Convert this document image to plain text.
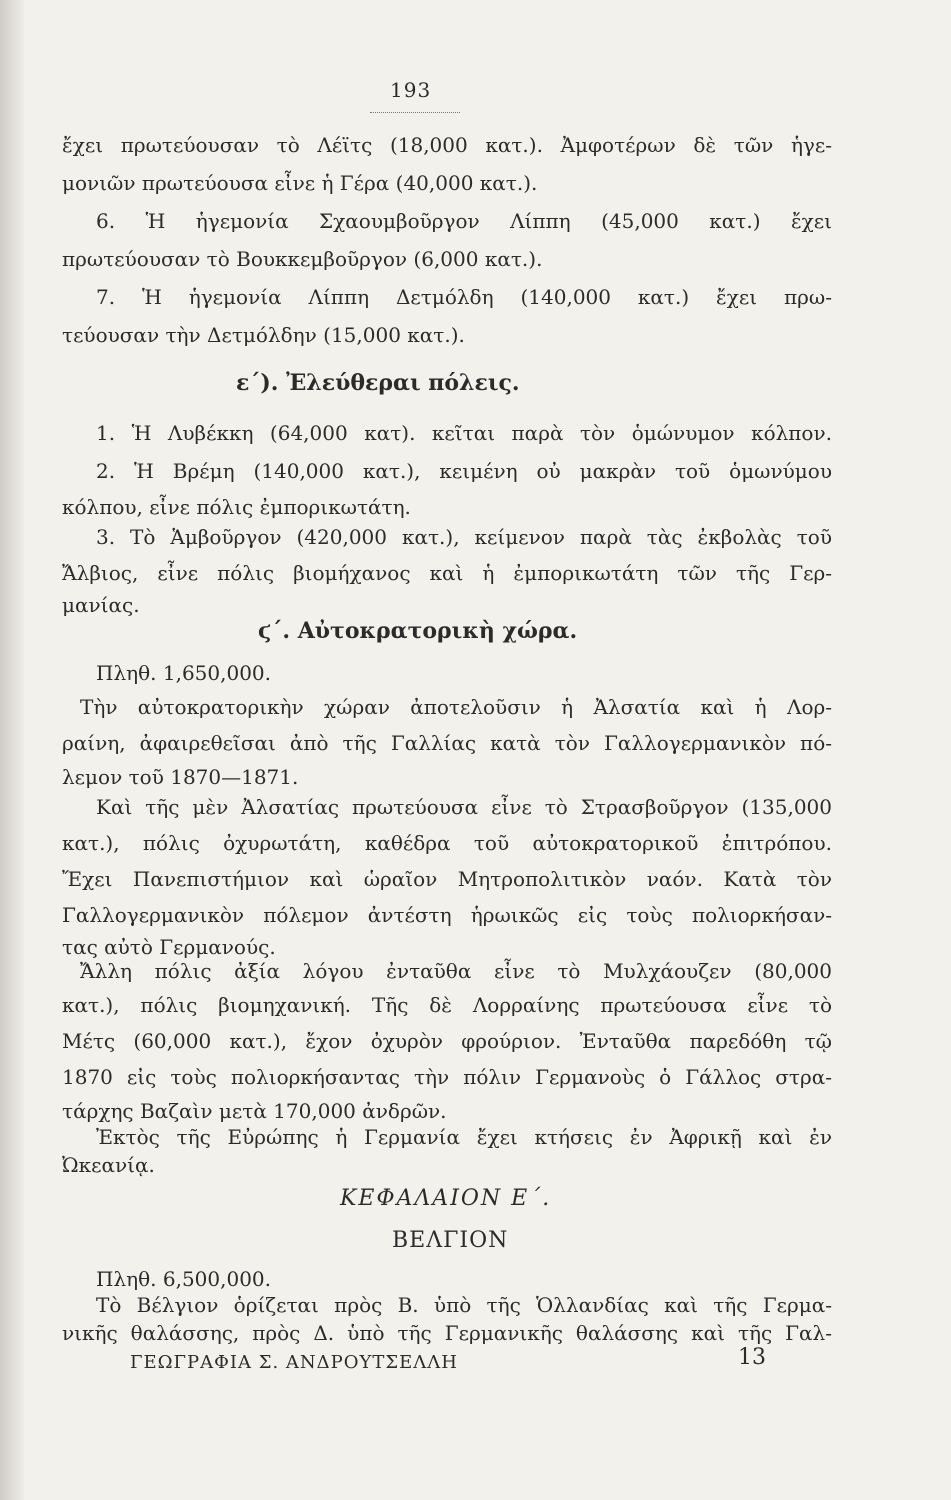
193

ἔχει πρωτεύουσαν τὸ Λέϊτς (18,000 κατ.). Ἀμφοτέρων δὲ τῶν ἡγε-

μονιῶν πρωτεύουσα εἶνε ἡ Γέρα (40,000 κατ.).

6. Ἡ ἡγεμονία Σχαουμβοῦργον Λίππη (45,000 κατ.) ἔχει

πρωτεύουσαν τὸ Βουκκεμβοῦργον (6,000 κατ.).

7. Ἡ ἡγεμονία Λίππη Δετμόλδη (140,000 κατ.) ἔχει πρω-

τεύουσαν τὴν Δετμόλδην (15,000 κατ.).

ε΄). Ἐλεύθεραι πόλεις.

1. Ἡ Λυβέκκη (64,000 κατ). κεῖται παρὰ τὸν ὁμώνυμον κόλπον.

2. Ἡ Βρέμη (140,000 κατ.), κειμένη οὐ μακρὰν τοῦ ὁμωνύμου

κόλπου, εἶνε πόλις ἐμπορικωτάτη.

3. Τὸ Ἁμβοῦργον (420,000 κατ.), κείμενον παρὰ τὰς ἐκβολὰς τοῦ

Ἄλβιος, εἶνε πόλις βιομήχανος καὶ ἡ ἐμπορικωτάτη τῶν τῆς Γερ-

μανίας.

ϛ΄. Αὐτοκρατορικὴ χώρα.

Πληθ. 1,650,000.

Τὴν αὐτοκρατορικὴν χώραν ἀποτελοῦσιν ἡ Ἀλσατία καὶ ἡ Λορ-

ραίνη, ἀφαιρεθεῖσαι ἀπὸ τῆς Γαλλίας κατὰ τὸν Γαλλογερμανικὸν πό-

λεμον τοῦ 1870—1871.

Καὶ τῆς μὲν Ἀλσατίας πρωτεύουσα εἶνε τὸ Στρασβοῦργον (135,000

κατ.), πόλις ὀχυρωτάτη, καθέδρα τοῦ αὐτοκρατορικοῦ ἐπιτρόπου.

Ἔχει Πανεπιστήμιον καὶ ὡραῖον Μητροπολιτικὸν ναόν. Κατὰ τὸν

Γαλλογερμανικὸν πόλεμον ἀντέστη ἡρωικῶς εἰς τοὺς πολιορκήσαν-

τας αὐτὸ Γερμανούς.

Ἄλλη πόλις ἀξία λόγου ἐνταῦθα εἶνε τὸ Μυλχάουζεν (80,000

κατ.), πόλις βιομηχανική. Τῆς δὲ Λορραίνης πρωτεύουσα εἶνε τὸ

Μέτς (60,000 κατ.), ἔχον ὀχυρὸν φρούριον. Ἐνταῦθα παρεδόθη τῷ

1870 εἰς τοὺς πολιορκήσαντας τὴν πόλιν Γερμανοὺς ὁ Γάλλος στρα-

τάρχης Βαζαὶν μετὰ 170,000 ἀνδρῶν.

Ἐκτὸς τῆς Εὐρώπης ἡ Γερμανία ἔχει κτήσεις ἐν Ἀφρικῇ καὶ ἐν

Ὠκεανίᾳ.

ΚΕΦΑΛΑΙΟΝ Ε΄.
ΒΕΛΓΙΟΝ

Πληθ. 6,500,000.

Τὸ Βέλγιον ὁρίζεται πρὸς Β. ὑπὸ τῆς Ὁλλανδίας καὶ τῆς Γερμα-

νικῆς θαλάσσης, πρὸς Δ. ὑπὸ τῆς Γερμανικῆς θαλάσσης καὶ τῆς Γαλ-

ΓΕΩΓΡΑΦΙΑ Σ. ΑΝΔΡΟΥΤΣΕΛΛΗ	13
